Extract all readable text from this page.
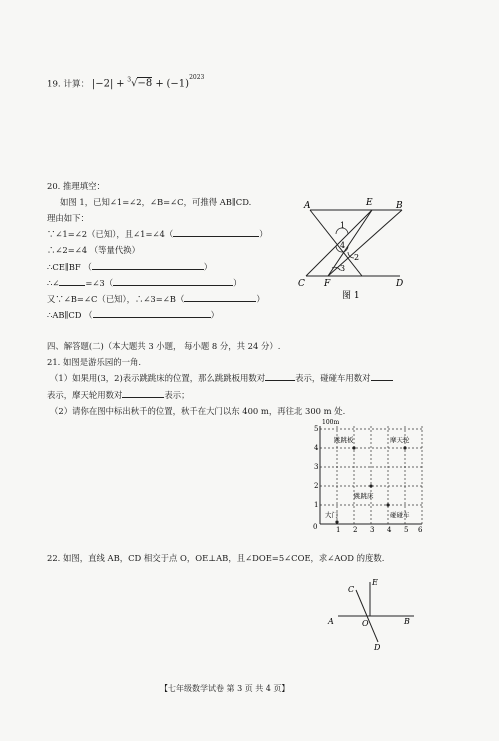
19. 计算： $|-2| + ^3√-8 + (-1)^{2023}$
20. 推理填空：
如图 1，已知∠1=∠2，∠B=∠C，可推得 AB∥CD.
理由如下：
∵∠1=∠2（已知），且∠1=∠4（	）
∴∠2=∠4 （等量代换）
∴CE∥BF （	）
∴∠	=∠3（	）
又∵∠B=∠C（已知），∴∠3=∠B（	）
∴AB∥CD （	）
A	E	B
C F	D
1
4
2
3
图 1
四、解答题(二)（本大题共 3 小题， 每小题 8 分，共 24 分）.
21. 如图是游乐园的一角.
（1）如果用(3，2)表示跳跳床的位置，那么跳跳板用数对	表示，碰碰车用数对
表示，摩天轮用数对	表示；
（2）请你在图中标出秋千的位置，秋千在大门以东 400 m，再往北 300 m 处.
100m
0
1
2
3
4
5
1 2 3 4 5 6
跳跳板	摩天轮
跳跳床
大门	碰碰车
22. 如图，直线 AB，CD 相交于点 O，OE⊥AB，且∠DOE=5∠COE，求∠AOD 的度数.
A	B
C
D
E
O
【七年级数学试卷 第 3 页 共 4 页】
